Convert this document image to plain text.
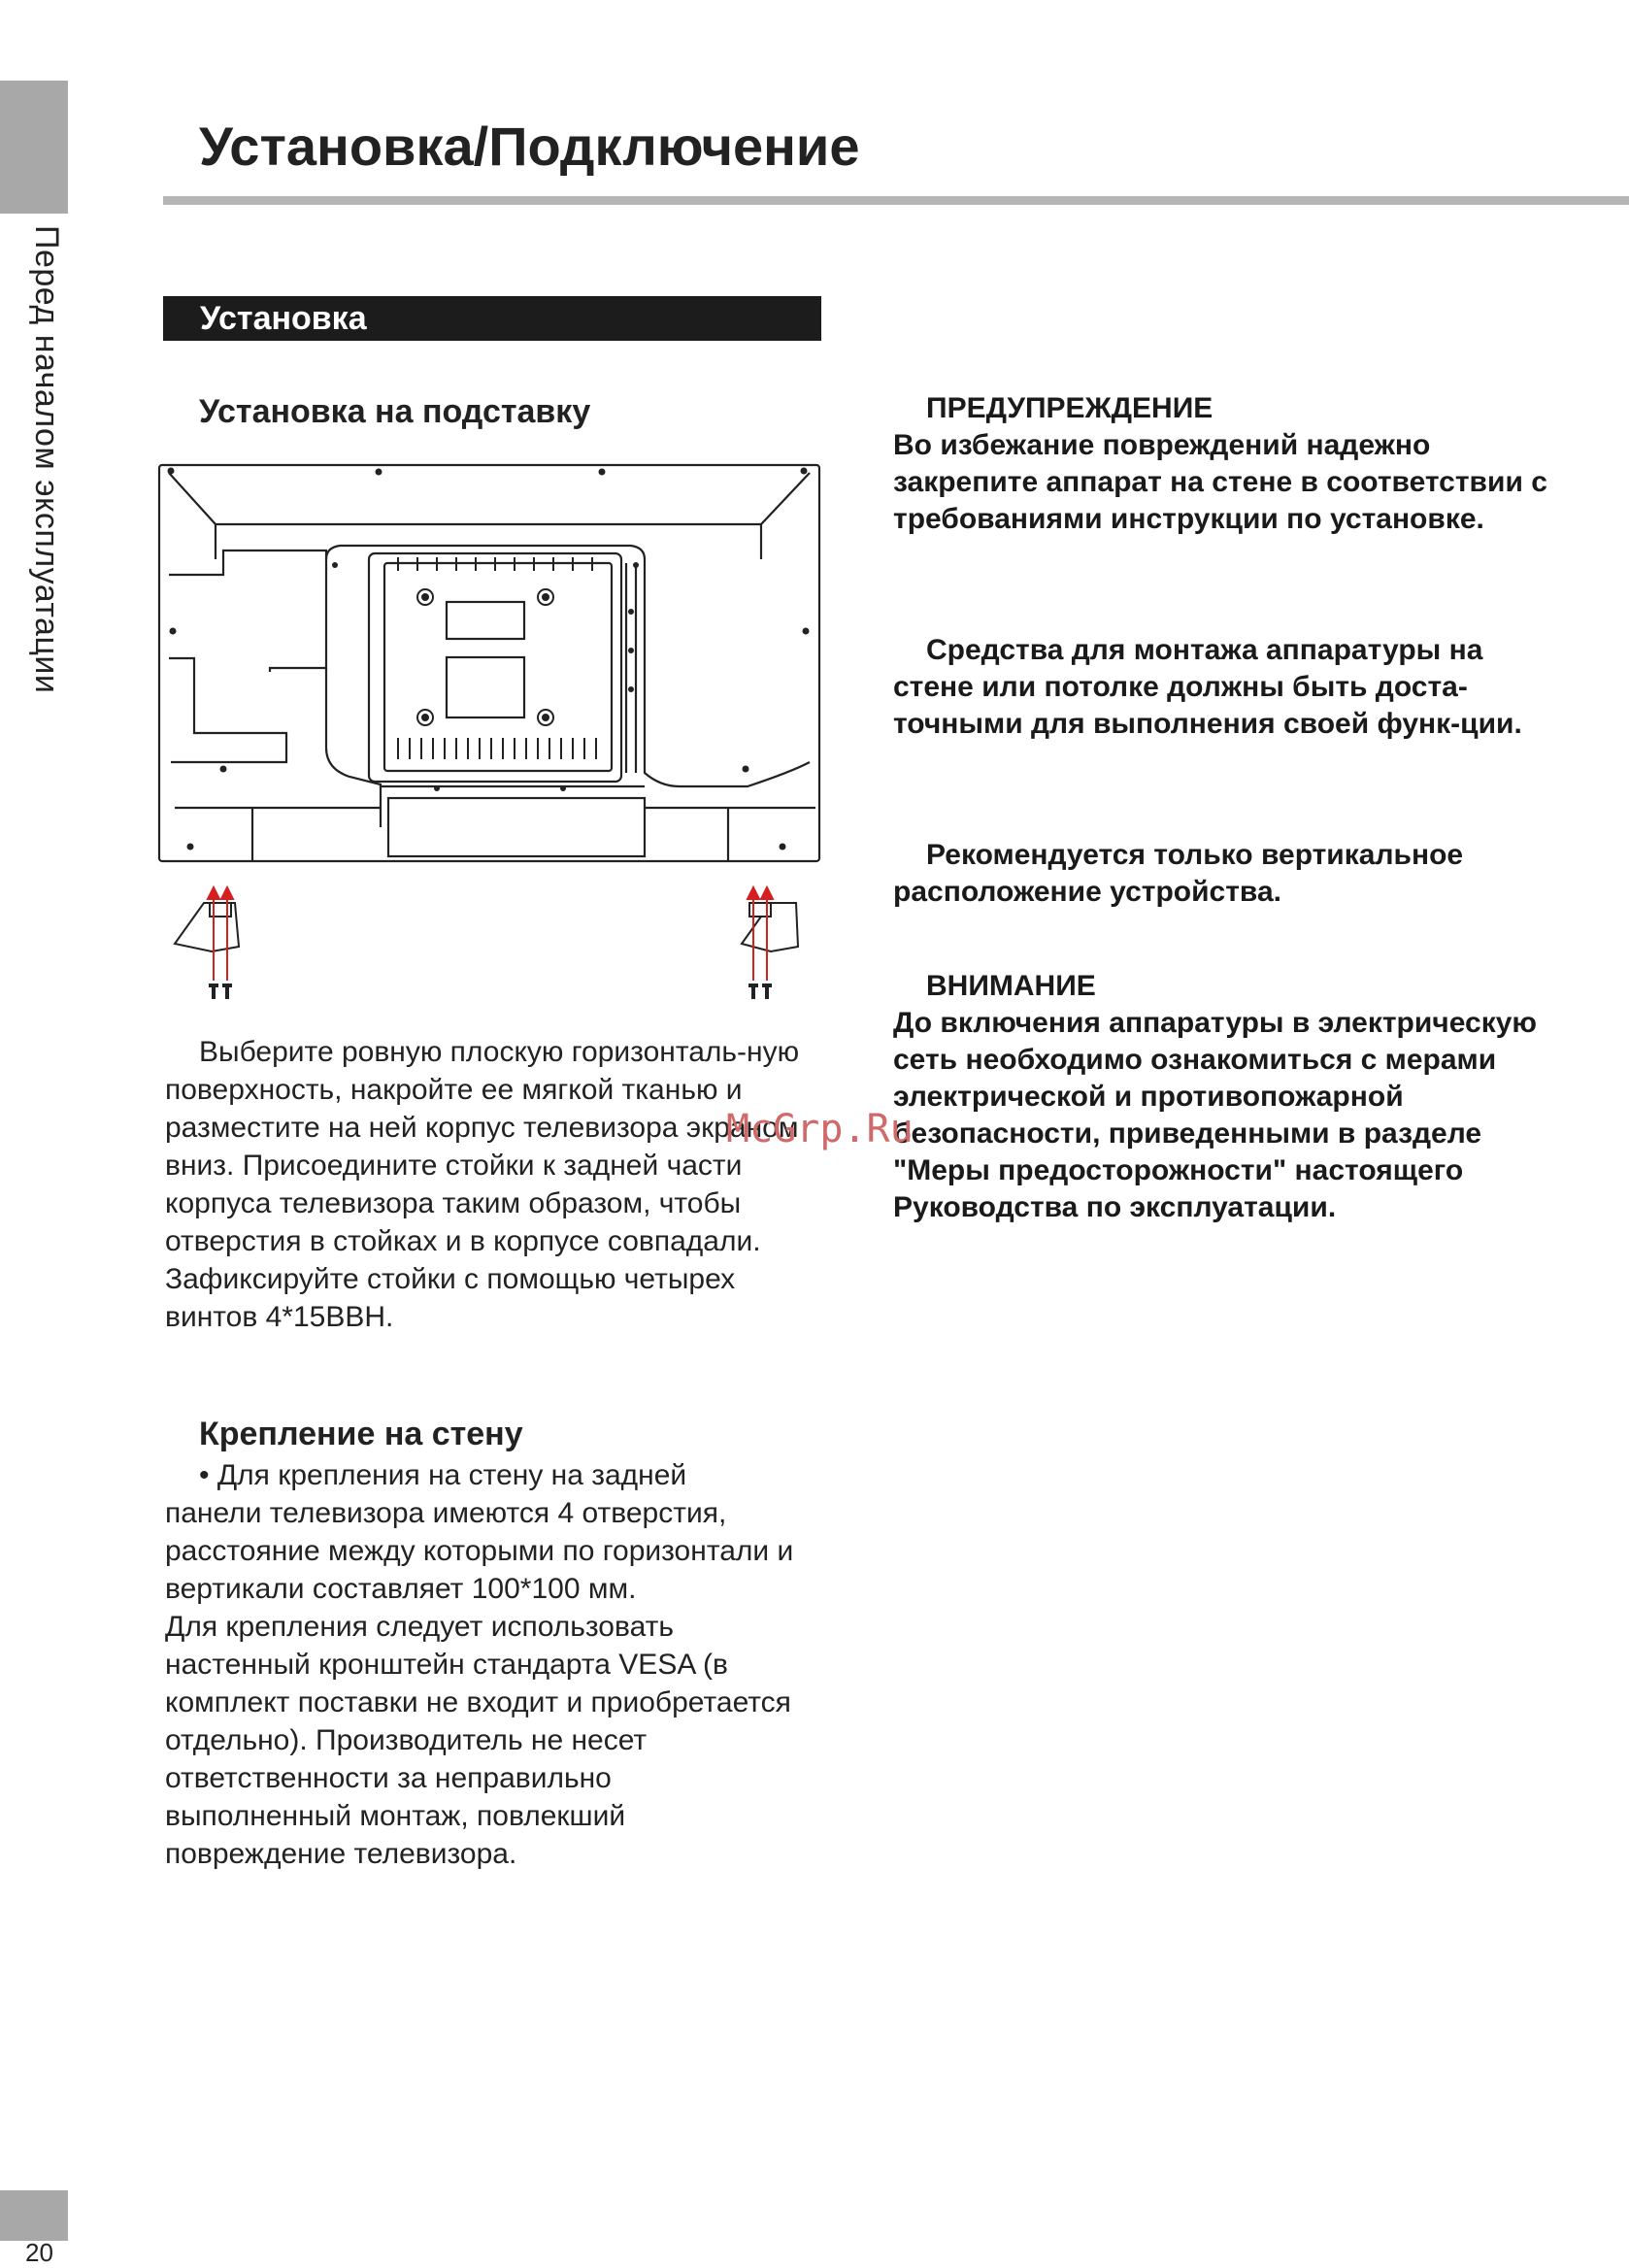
Перед началом эксплуатации
20
Установка/Подключение
Установка
Установка на подставку
Выберите ровную плоскую горизонталь-ную поверхность, накройте ее мягкой тканью и разместите на ней корпус телевизора экраном вниз. Присоедините стойки к задней части корпуса телевизора таким образом, чтобы отверстия в стойках и в корпусе совпадали. Зафиксируйте стойки с помощью четырех винтов 4*15ВВН.
Крепление на стену
• Для крепления на стену на задней
панели телевизора имеются 4 отверстия,
расстояние между которыми по горизонтали и
вертикали составляет 100*100 мм.
Для крепления следует использовать
настенный кронштейн стандарта VESA (в
комплект поставки не входит и приобретается
отдельно). Производитель не несет
ответственности за неправильно
выполненный монтаж, повлекший
повреждение телевизора.
ПРЕДУПРЕЖДЕНИЕ
Во избежание повреждений надежно закрепите аппарат на стене в соответствии с требованиями инструкции по установке.
Средства для монтажа аппаратуры на стене или потолке должны быть доста-точными для выполнения своей функ-ции.
Рекомендуется только вертикальное расположение устройства.
ВНИМАНИЕ
До включения аппаратуры в электрическую сеть необходимо ознакомиться с мерами электрической и противопожарной безопасности, приведенными в разделе "Меры предосторожности" настоящего Руководства по эксплуатации.
McGrp.Ru
